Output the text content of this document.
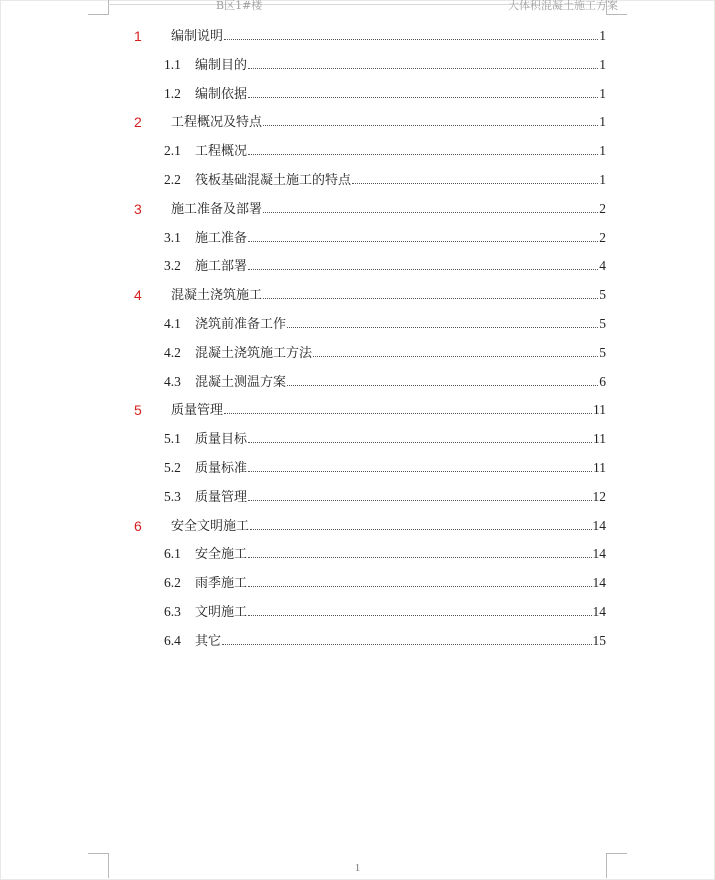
B区1#楼	大体积混凝土施工方案
1 编制说明	1
1.1 编制目的	1
1.2 编制依据	1
2 工程概况及特点	1
2.1 工程概况	1
2.2 筏板基础混凝土施工的特点	1
3 施工准备及部署	2
3.1 施工准备	2
3.2 施工部署	4
4 混凝土浇筑施工	5
4.1 浇筑前准备工作	5
4.2 混凝土浇筑施工方法	5
4.3 混凝土测温方案	6
5 质量管理	11
5.1 质量目标	11
5.2 质量标准	11
5.3 质量管理	12
6 安全文明施工	14
6.1 安全施工	14
6.2 雨季施工	14
6.3 文明施工	14
6.4 其它	15
1
